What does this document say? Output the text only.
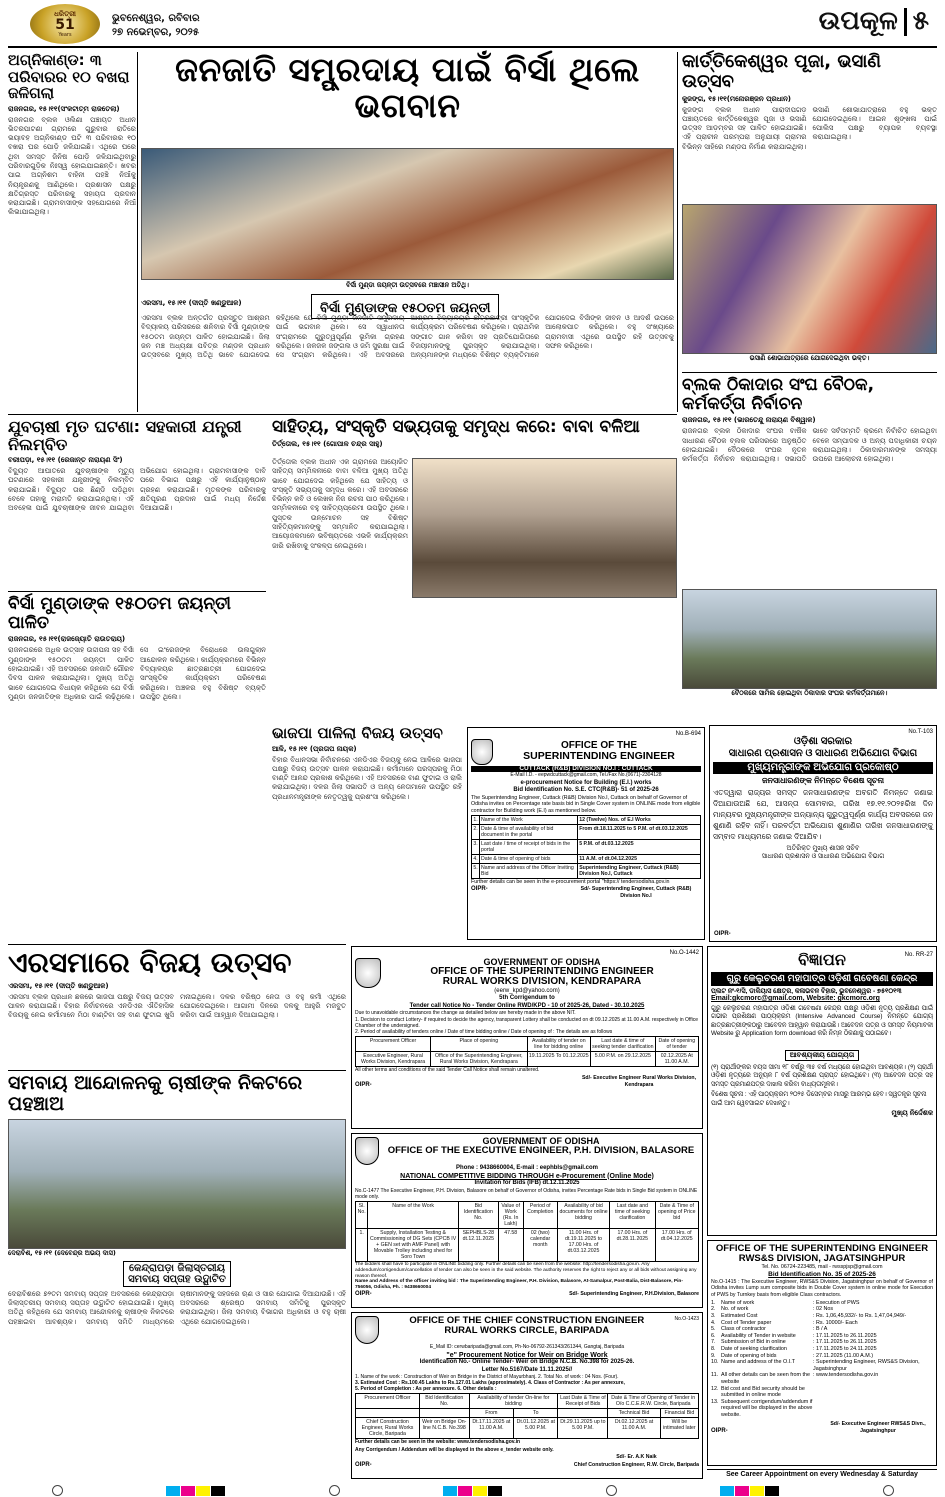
ଧରିତ୍ରୀ
51
Years
ଭୁବନେଶ୍ୱର, ରବିବାର
୨୭ ନଭେମ୍ବର, ୨୦୨୫	ଉପକୂଳ ୫
ଅଗ୍ନିକାଣ୍ଡ: ୩ ପରିବାରର ୧୦ ବଖରା ଜଳିଗଲା
ରାଜନଗର, ୧୫।୧୧(ସଂକଟାତ୍ମ ରାଜତେଲା)
ରାଜନଗର ବ୍ଲକ ଓଲିଣା ପଞ୍ଚାୟତ ଅଧୀନ ଭିତରପାଟଣା ଗ୍ରାମରେ ଗୁରୁବାର ରାତିରେ ଭୟାବହ ଅଗ୍ନିକାଣ୍ଡ ଘଟି ୩ ପରିବାରର ୧୦ ବଖରା ଘର ପୋଡ଼ି ଜଳିଯାଇଛି। ଏଥିରେ ଘରେ ଥିବା ସମସ୍ତ ଜିନିଷ ପୋଡ଼ି ଜଳିଯାଇଥିବାରୁ ପରିବାରଗୁଡ଼ିକ ନିଃସ୍ୱ ହୋଇଯାଇଛନ୍ତି। ଖବର ପାଇ ଅଗ୍ନିଶମ ବାହିନୀ ପହଞ୍ଚି ନିଆଁକୁ ନିୟନ୍ତ୍ରଣକୁ ଆଣିଥିଲେ। ପ୍ରଶାସନ ପକ୍ଷରୁ କ୍ଷତିଗ୍ରସ୍ତ ପରିବାରକୁ ସହାୟତା ପ୍ରଦାନ କରାଯାଇଛି। ଗ୍ରାମବାସୀଙ୍କ ସହଯୋଗରେ ନିଆଁ ଲିଭାଯାଇଥିଲା।
ଜନଜାତି ସମ୍ପ୍ରଦାୟ ପାଇଁ ବିର୍ସା ଥିଲେ ଭଗବାନ
ବିର୍ସା ମୁଣ୍ଡା ଜୟନ୍ତୀ ଉତ୍ସବରେ ମଞ୍ଚାସୀନ ଅତିଥି।
ବିର୍ସା ମୁଣ୍ଡାଙ୍କ ୧୫୦ତମ ଜୟନ୍ତୀ
ଏରସମା, ୧୫।୧୧ (ଦୀପ୍ତି ଖଣ୍ଡୁଆଳ)
ଏରସମା ବ୍ଲକ ଅନ୍ତର୍ଗତ ପ୍ରସ୍ତୁତ ଆଶ୍ରମ ବିଦ୍ୟାଳୟ ପରିସରରେ ଶନିବାର ବିର୍ସା ମୁଣ୍ଡାଙ୍କ ୧୫୦ତମ ଜୟନ୍ତୀ ପାଳିତ ହୋଇଯାଇଛି। ଜିଲା ଜନ ମଞ୍ଚ ଅଧ୍ୟକ୍ଷା ପବିତ୍ର ମଣ୍ଡଳ ପ୍ରଧାନ ଉତ୍ସବରେ ମୁଖ୍ୟ ଅତିଥି ଭାବେ ଯୋଗଦେଇ କହିଥିଲେ ଯେ ବିର୍ସା ମୁଣ୍ଡା ଜନଜାତି ସମ୍ପ୍ରଦାୟ ପାଇଁ ଭଗବାନ ଥିଲେ। ସେ ସ୍ୱାଧୀନତା ସଂଗ୍ରାମରେ ଗୁରୁତ୍ୱପୂର୍ଣ୍ଣ ଭୂମିକା ଗ୍ରହଣ କରିଥିଲେ। ଜଳଜଳ ଜଙ୍ଗଲ ଓ ଜମି ସୁରକ୍ଷା ପାଇଁ ସେ ସଂଗ୍ରାମ କରିଥିଲେ। ଏହି ଅବସରରେ ଆଶ୍ରମ ବିଦ୍ୟାଳୟର ଛାତ୍ରଛାତ୍ରୀ ସାଂସ୍କୃତିକ କାର୍ଯ୍ୟକ୍ରମ ପରିବେଷଣ କରିଥିଲେ। ପ୍ରାଥମିକ ସଙ୍ଗୀତ ଗାନ କରିବା ସହ ପ୍ରତିଯୋଗିତାରେ ବିଜୟୀମାନଙ୍କୁ ପୁରସ୍କୃତ କରାଯାଇଥିଲା। ଅନ୍ୟମାନଙ୍କ ମଧ୍ୟରେ ବିଶିଷ୍ଟ ବ୍ୟକ୍ତିମାନେ ଯୋଗଦେଇ ବିର୍ସାଙ୍କ ଜୀବନ ଓ ଆଦର୍ଶ ଉପରେ ଆଲୋକପାତ କରିଥିଲେ। ବହୁ ସଂଖ୍ୟାରେ ଗ୍ରାମବାସୀ ଏଥିରେ ଉପସ୍ଥିତ ରହି ଉତ୍ସବକୁ ସଫଳ କରିଥିଲେ।
କାର୍ତ୍ତିକେଶ୍ୱର ପୂଜା, ଭସାଣି ଉତ୍ସବ
କୁଜଙ୍ଗ, ୧୫।୧୧(ମନୋରଞ୍ଜନ ପ୍ରଧାନ)
କୁଜଙ୍ଗ ବ୍ଲକ ଅଧୀନ ପାରାଦୀପଗଡ଼ ପଞ୍ଚାୟତରେ କାର୍ତ୍ତିକେଶ୍ୱର ପୂଜା ଓ ଭସାଣି ଉତ୍ସବ ଆଡ଼ମ୍ବର ସହ ପାଳିତ ହୋଇଯାଇଛି। ଏହି ପ୍ରାଚୀନ ପରମ୍ପରା ଅନୁଯାୟୀ ଗ୍ରାମର ବିଭିନ୍ନ ସାହିରେ ମଣ୍ଡପ ନିର୍ମାଣ କରାଯାଇଥିଲା। ଭସାଣି ଶୋଭାଯାତ୍ରାରେ ବହୁ ଭକ୍ତ ଯୋଗଦେଇଥିଲେ। ଆଇନ ଶୃଙ୍ଖଳା ପାଇଁ ପୋଲିସ ପକ୍ଷରୁ ବ୍ୟାପକ ବ୍ୟବସ୍ଥା କରାଯାଇଥିଲା।
ଭସାଣି ଶୋଭାଯାତ୍ରାରେ ଯୋଗଦେଇଥିବା ଭକ୍ତ।
ବ୍ଲକ ଠିକାଦାର ସଂଘ ବୈଠକ, କର୍ମକର୍ତ୍ତା ନିର୍ବାଚନ
ରାଜନଗର, ୧୫।୧୧ (ଭାରତେନ୍ଦୁ ନାରାୟଣ ବିଶ୍ୱାଳ)
ରାଜନଗର ବ୍ଲକ ଠିକାଦାର ସଂଘର ବାର୍ଷିକ ସାଧାରଣ ବୈଠକ ବ୍ଲକ ପରିସରରେ ଅନୁଷ୍ଠିତ ହୋଇଯାଇଛି। ବୈଠକରେ ସଂଘର ନୂତନ କର୍ମକର୍ତ୍ତା ନିର୍ବାଚନ କରାଯାଇଥିଲା। ସଭାପତି ଭାବେ ସର୍ବସମ୍ମତି କ୍ରମେ ନିର୍ବାଚିତ ହୋଇଥିବା ବେଳେ ସମ୍ପାଦକ ଓ ଅନ୍ୟ ପଦାଧିକାରୀ ଚୟନ କରାଯାଇଥିଲା। ଠିକାଦାରମାନଙ୍କ ସମସ୍ୟା ଉପରେ ଆଲୋଚନା ହୋଇଥିଲା।
ବୈଠକରେ ସାମିଲ ହୋଇଥିବା ଠିକାଦାର ସଂଘର କର୍ମକର୍ତ୍ତାମାନେ।
ଯୁବଚାଷୀ ମୃତ ଘଟଣା: ସହକାରୀ ଯନ୍ତ୍ରୀ ନିଲମ୍ବିତ
ବରୀପଡ଼ା, ୧୫।୧୧ (ରେଜାନ୍ତ ନାରାୟଣ ସିଂ)
ବିଦ୍ୟୁତ ଆଘାତରେ ଯୁବଚାଷୀଙ୍କ ମୃତ୍ୟୁ ଘଟଣାରେ ସହକାରୀ ଯନ୍ତ୍ରୀଙ୍କୁ ନିଲମ୍ବିତ କରାଯାଇଛି। ବିଦ୍ୟୁତ ତାର ଛିଣ୍ଡି ପଡ଼ିଥିବା ବେଳେ ତାହାକୁ ମରାମତି କରାଯାଇନଥିଲା। ଏହି ଅବହେଳା ପାଇଁ ଯୁବଚାଷୀଙ୍କ ଜୀବନ ଯାଇଥିବା ଅଭିଯୋଗ ହୋଇଥିଲା। ଗ୍ରାମବାସୀଙ୍କ ଦାବି ପରେ ବିଭାଗ ପକ୍ଷରୁ ଏହି କାର୍ଯ୍ୟାନୁଷ୍ଠାନ ଗ୍ରହଣ କରାଯାଇଛି। ମୃତକଙ୍କ ପରିବାରକୁ କ୍ଷତିପୂରଣ ପ୍ରଦାନ ପାଇଁ ମଧ୍ୟ ନିର୍ଦ୍ଦେଶ ଦିଆଯାଇଛି।
ସାହିତ୍ୟ, ସଂସ୍କୃତି ସଭ୍ୟତାକୁ ସମୃଦ୍ଧ କରେ: ବାବା ବଳିଆ
ତିର୍ତ୍ତୋଲ, ୧୫।୧୧ (ଗୋପାଳ ଚନ୍ଦ୍ର ସାହୁ)
ତିର୍ତ୍ତୋଲ ବ୍ଲକ ଅଧୀନ ଏକ ଗ୍ରାମରେ ଆୟୋଜିତ ସାହିତ୍ୟ ସମ୍ମିଳନୀରେ ବାବା ବଳିଆ ମୁଖ୍ୟ ଅତିଥି ଭାବେ ଯୋଗଦେଇ କହିଥିଲେ ଯେ ସାହିତ୍ୟ ଓ ସଂସ୍କୃତି ସଭ୍ୟତାକୁ ସମୃଦ୍ଧ କରେ। ଏହି ଅବସରରେ ବିଭିନ୍ନ କବି ଓ ଲେଖକ ନିଜ ରଚନା ପାଠ କରିଥିଲେ। ସମ୍ମିଳନୀରେ ବହୁ ସାହିତ୍ୟପ୍ରେମୀ ଉପସ୍ଥିତ ଥିଲେ। ପୁସ୍ତକ ଉନ୍ମୋଚନ ସହ ବିଶିଷ୍ଟ ସାହିତ୍ୟିକମାନଙ୍କୁ ସମ୍ମାନିତ କରାଯାଇଥିଲା। ଆୟୋଜକମାନେ ଭବିଷ୍ୟତରେ ଏଭଳି କାର୍ଯ୍ୟକ୍ରମ ଜାରି ରଖିବାକୁ ସଂକଳ୍ପ ନେଇଥିଲେ।
ବିର୍ସା ମୁଣ୍ଡାଙ୍କ ୧୫୦ତମ ଜୟନ୍ତୀ ପାଳିତ
ରାଜନଗର, ୧୫।୧୧(ରାଜଜ୍ୟୋତି ରାଉତରାୟ)
ରାଜନଗରରେ ଅଧିକ ଉତ୍ସାହ ଉଦ୍ଦୀପନା ସହ ବିର୍ସା ମୁଣ୍ଡାଙ୍କ ୧୫୦ତମ ଜୟନ୍ତୀ ପାଳିତ ହୋଇଯାଇଛି। ଏହି ଅବସରରେ ଜନଜାତି ଗୌରବ ଦିବସ ପାଳନ କରାଯାଇଥିଲା। ମୁଖ୍ୟ ଅତିଥି ଭାବେ ଯୋଗଦେଇ ବିଧାୟକ କହିଥିଲେ ଯେ ବିର୍ସା ମୁଣ୍ଡା ଜନଜାତିଙ୍କ ଅଧିକାର ପାଇଁ ଲଢ଼ିଥିଲେ। ସେ ଇଂରେଜଙ୍କ ବିରୋଧରେ ଉଲଗୁଲାନ ଆନ୍ଦୋଳନ କରିଥିଲେ। କାର୍ଯ୍ୟକ୍ରମରେ ବିଭିନ୍ନ ବିଦ୍ୟାଳୟର ଛାତ୍ରଛାତ୍ରୀ ଯୋଗଦେଇ ସାଂସ୍କୃତିକ କାର୍ଯ୍ୟକ୍ରମ ପରିବେଷଣ କରିଥିଲେ। ଅଞ୍ଚଳର ବହୁ ବିଶିଷ୍ଟ ବ୍ୟକ୍ତି ଉପସ୍ଥିତ ଥିଲେ।
ଭାଜପା ପାଳିଲା ବିଜୟ ଉତ୍ସବ
ଆଳି, ୧୫।୧୧ (ପ୍ରତାପ ନାୟକ)
ବିହାର ବିଧାନସଭା ନିର୍ବାଚନରେ ଏନଡିଏର ବିଜୟକୁ ନେଇ ଆଳିରେ ଭାଜପା ପକ୍ଷରୁ ବିଜୟ ଉତ୍ସବ ପାଳନ କରାଯାଇଛି। କର୍ମୀମାନେ ପରସ୍ପରକୁ ମିଠା ବାଣ୍ଟି ଆନନ୍ଦ ପ୍ରକାଶ କରିଥିଲେ। ଏହି ଅବସରରେ ବାଣ ଫୁଟାଇ ଓ ରାଲି କରାଯାଇଥିଲା। ଦଳର ଜିଲା ସଭାପତି ଓ ଅନ୍ୟ ନେତାମାନେ ଉପସ୍ଥିତ ରହି ପ୍ରଧାନମନ୍ତ୍ରୀଙ୍କ ନେତୃତ୍ୱକୁ ପ୍ରଶଂସା କରିଥିଲେ।
No.B-694
OFFICE OF THE
SUPERINTENDING ENGINEER
CUTTACK (R&B) DIVISION NO.I : CUTTACK
E-Mail I.D. - eepwdcuttack@gmail.com, Tel./Fax No.(0671)-2304128
e-procurement Notice for Building (E.I.) works
Bid Identification No. S.E. CTC(R&B)- 51 of 2025-26
The Superintending Engineer, Cuttack (R&B) Division No.I, Cuttack on behalf of Governor of Odisha invites on Percentage rate basis bid in Single Cover system in ONLINE mode from eligible contractor for Building work (E.I) as mentioned below.
1.	Name of the Work	12 (Twelve) Nos. of E.I Works
2.	Date & time of availability of bid document in the portal	From dt.18.11.2025 to 5 P.M. of dt.03.12.2025
3.	Last date / time of receipt of bids in the portal	5 P.M. of dt.03.12.2025
4.	Date & time of opening of bids	11 A.M. of dt.04.12.2025
5.	Name and address of the Officer Inviting Bid	Superintending Engineer, Cuttack (R&B) Division No.I, Cuttack
Further details can be seen in the e-procurement portal "https:// tendersodisha.gov.in
OIPR-	Sd/- Superintending Engineer, Cuttack (R&B) Division No.I
No.T-103
ଓଡ଼ିଶା ସରକାର
ସାଧାରଣ ପ୍ରଶାସନ ଓ ସାଧାରଣ ଅଭିଯୋଗ ବିଭାଗ
ମୁଖ୍ୟମନ୍ତ୍ରୀଙ୍କ ଅଭିଯୋଗ ପ୍ରକୋଷ୍ଠ
ଜନସାଧାରଣଙ୍କ ନିମନ୍ତେ ବିଶେଷ ସୂଚନା
ଏତଦ୍ୱାରା ରାଜ୍ୟର ସମସ୍ତ ଜନସାଧାରଣଙ୍କ ଅବଗତି ନିମନ୍ତେ ଜଣାଇ ଦିଆଯାଉଅଛି ଯେ, ଆସନ୍ତା ସୋମବାର, ତାରିଖ ୧୭.୧୧.୨୦୨୫ରିଖ ଦିନ ମାନ୍ୟବର ମୁଖ୍ୟମନ୍ତ୍ରୀଙ୍କ ଅନ୍ୟାନ୍ୟ ଗୁରୁତ୍ୱପୂର୍ଣ୍ଣ କାର୍ଯ୍ୟ ଅବସରରେ ଜନ ଶୁଣାଣି ରହିବ ନାହିଁ। ପରବର୍ତ୍ତୀ ଅଭିଯୋଗ ଶୁଣାଣିର ତାରିଖ ଜନସାଧାରଣଙ୍କୁ ସମ୍ବାଦ ମାଧ୍ୟମରେ ଜଣାଇ ଦିଆଯିବ।
ଅତିରିକ୍ତ ମୁଖ୍ୟ ଶାସନ ସଚିବ
ସାଧାରଣ ପ୍ରଶାସନ ଓ ସାଧାରଣ ଅଭିଯୋଗ ବିଭାଗ
OIPR-
ଏରସମାରେ ବିଜୟ ଉତ୍ସବ
ଏରସମା, ୧୫।୧୧ (ଦୀପ୍ତି ଖଣ୍ଡୁଆଳ)
ଏରସମା ବ୍ଲକ ପ୍ରଧାନ ଛକରେ ଭାଜପା ପକ୍ଷରୁ ବିଜୟ ଉତ୍ସବ ପାଳନ କରାଯାଇଛି। ବିହାର ନିର୍ବାଚନରେ ଏନଡିଏର ଐତିହାସିକ ବିଜୟକୁ ନେଇ କର୍ମୀମାନେ ମିଠା ବାଣ୍ଟିବା ସହ ବାଣ ଫୁଟାଇ ଖୁସି ମନାଇଥିଲେ। ଦଳର ବରିଷ୍ଠ ନେତା ଓ ବହୁ କର୍ମୀ ଏଥିରେ ଯୋଗଦେଇଥିଲେ। ଆଗାମୀ ଦିନରେ ଦଳକୁ ଆହୁରି ମଜବୁତ କରିବା ପାଇଁ ଆହ୍ୱାନ ଦିଆଯାଇଥିଲା।
ସମବାୟ ଆନ୍ଦୋଳନକୁ ଚାଷୀଙ୍କ ନିକଟରେ ପହଞ୍ଚାଅ
ଦେରାବିଶ, ୧୫।୧୧ (ଦେବେନ୍ଦ୍ର ଅଭୟ ଦାସ)
କେନ୍ଦ୍ରାପଡ଼ା ଜିଲାସ୍ତରୀୟ
ସମବାୟ ସପ୍ତାହ ଉଦ୍ଘାଟିତ
ଦେରାବିଶରେ ୭୨ତମ ସମବାୟ ସପ୍ତାହ ଅବସରରେ କେନ୍ଦ୍ରାପଡ଼ା ଜିଲାସ୍ତରୀୟ ସମବାୟ ସପ୍ତାହ ଉଦ୍ଘାଟିତ ହୋଇଯାଇଛି। ମୁଖ୍ୟ ଅତିଥି କହିଥିଲେ ଯେ ସମବାୟ ଆନ୍ଦୋଳନକୁ ଚାଷୀଙ୍କ ନିକଟରେ ପହଞ୍ଚାଇବା ଆବଶ୍ୟକ। ସମବାୟ ସମିତି ମାଧ୍ୟମରେ ଚାଷୀମାନଙ୍କୁ ସହଜରେ ଋଣ ଓ ସାର ଯୋଗାଇ ଦିଆଯାଉଛି। ଏହି ଅବସରରେ ଶ୍ରେଷ୍ଠ ସମବାୟ ସମିତିକୁ ପୁରସ୍କୃତ କରାଯାଇଥିଲା। ଜିଲା ସମବାୟ ବିଭାଗର ଅଧିକାରୀ ଓ ବହୁ ଚାଷୀ ଏଥିରେ ଯୋଗଦେଇଥିଲେ।
No.O-1442
GOVERNMENT OF ODISHA
OFFICE OF THE SUPERINTENDING ENGINEER
RURAL WORKS DIVISION, KENDRAPARA
(eerw_kpd@yahoo.com)
5th Corrigendum to
Tender call Notice No - Tender Online RWD/KPD - 10 of 2025-26, Dated - 30.10.2025
Due to unavoidable circumstances the change as detailed below are hereby made in the above NIT.
1. Decision to conduct Lottery- if required to decide the agency, transparent Lottery shall be conducted on dt 09.12.2025 at 11.00 A.M. respectively in Office Chamber of the undersigned.
2. Period of availability of tenders online / Date of time bidding online / Date of opening of : The details are as follows
Procurement Officer	Place of opening	Availability of tender on line for bidding online	Last date & time of seeking tender clarification	Date of opening of tender
Executive Engineer, Rural Works Division, Kendrapara	Office of the Superintending Engineer, Rural Works Division, Kendrapara	19.11.2025 To 01.12.2025	5.00 P.M. on 29.12.2025	02.12.2025 At 11.00 A.M.
All other terms and conditions of the said Tender Call Notice shall remain unaltered.
OIPR-
Sd/- Executive Engineer Rural Works Division, Kendrapara
GOVERNMENT OF ODISHA
OFFICE OF THE EXECUTIVE ENGINEER, P.H. DIVISION, BALASORE
Phone : 9438660004, E-mail : eephbls@gmail.com
NATIONAL COMPETITIVE BIDDING THROUGH e-Procurement (Online Mode)
Invitation for Bids (IFB) dt.12.11.2025
No.C-1477 The Executive Engineer, P.H. Division, Balasore on behalf of Governor of Odisha, invites Percentage Rate bids in Single Bid system in ONLINE mode only.
Sl. No.	Name of the Work	Bid Identification No.	Value of Work (Rs. In Lakh)	Period of Completion	Availability of bid documents for online bidding	Last date and time of seeking clarification	Date & Time of opening of Price bid
1.	Supply, Installation Testing & Commissioning of DG Sets (CPCB IV + GEN set with AMF Panel) with Movable Trolley including shed for Soro Town	SEPHBLS-28 dt.12.11.2025	47.58	02 (two) calendar month	11.00 Hrs. of dt.19.11.2025 to 17.00 Hrs. of dt.03.12.2025	17.00 Hrs. of dt.28.11.2025	17.00 Hrs. of dt.04.12.2025
The bidders shall have to participate in ONLINE bidding only. Further details can be seen from the website: http://tendersodisha.gov.in. Any addendum/corrigendum/cancellation of tender can also be seen in the said website. The authority reserves the right to reject any or all bids without assigning any reason thereof.
Name and Address of the officer inviting bid : The Superintending Engineer, P.H. Division, Balasore, At-Samalpur, Post-Balia, Dist-Balasore, Pin-756056, Odisha, Ph. : 9438660004
OIPR-	Sd/- Superintending Engineer, P.H.Division, Balasore
OFFICE OF THE CHIEF CONSTRUCTION ENGINEER
RURAL WORKS CIRCLE, BARIPADA
No.O-1423
E_Mail ID: cerwbaripada@gmail.com, Ph-No-06792-261343/261344, Gangtaj, Baripada
"e" Procurement Notice for Weir on Bridge Work
Identification No.- Online Tender- Weir on Bridge N.C.B. No.398 for 2025-26.
Letter No.5167/Date 11.11.2025//
1. Name of the work : Construction of Weir on Bridge in the District of Mayurbhanj. 2. Total No. of work : 04 Nos. (Four).
3. Estimated Cost : Rs.100.45 Lakhs to Rs.127.01 Lakhs (approximately). 4. Class of Contractor : As per annexure,
5. Period of Completion : As per annexure. 6. Other details :
Procurement Officer	Bid Identification No.	Availability of tender On-line for bidding		Last Date & Time of Receipt of Bids	Date & Time of Opening of Tender in O/o C.C.E.R.W. Circle, Baripada	
		From	To		Technical Bid	Financial Bid
Chief Construction Engineer, Rural Works Circle, Baripada	Weir on Bridge On-line N.C.B. No.398	Dt.17.11.2025 at 11.00 A.M.	Dt.01.12.2025 at 5.00 P.M.	Dt.29.11.2025 up to 5.00 P.M.	Dt.02.12.2025 at 11.00 A.M.	Will be intimated later
Further details can be seen in the website: www.tendersodisha.gov.in
Any Corrigendum / Addendum will be displayed in the above e_tender website only.
OIPR-
Sd/- Er. A.K Naik
Chief Construction Engineer, R.W. Circle, Baripada
ବିଜ୍ଞାପନ	No. RR-27
ଗୁରୁ କେଲୁଚରଣ ମହାପାତ୍ର ଓଡ଼ିଶୀ ଗବେଷଣା କେନ୍ଦ୍ର
ପ୍ଲଟ ନଂ-୧/ସି, ଡାକିୟାସ କ୍ଷେତ୍ର, କଳାଭବନ ବିହାର, ଭୁବନେଶ୍ୱର - ୭୫୧୦୧୩
Email:gkcmorc@gmail.com, Website: gkcmorc.org
ଗୁରୁ କେଲୁଚରଣ ମହାପାତ୍ର ଓଡ଼ିଶୀ ଗବେଷଣା କେନ୍ଦ୍ର ପକ୍ଷରୁ ଓଡ଼ିଶୀ ନୃତ୍ୟ ପ୍ରଶିକ୍ଷଣ ପାଇଁ ଗଭୀର ପ୍ରଶିକ୍ଷଣ ପାଠ୍ୟକ୍ରମ (Intensive Advanced Course) ନିମନ୍ତେ ଯୋଗ୍ୟ ଛାତ୍ରଛାତ୍ରୀଙ୍କଠାରୁ ଆବେଦନ ଆହ୍ୱାନ କରାଯାଉଛି। ଆବେଦନ ପତ୍ର ଓ ସମସ୍ତ ନିୟମାବଳୀ Website ରୁ Application form download କରି ନିମ୍ନ ଠିକଣାକୁ ପଠାଇବେ।
ଆବଶ୍ୟକୀୟ ଯୋଗ୍ୟତା
(୧) ପ୍ରାର୍ଥୀଙ୍କର ବୟସ ସୀମା ୧୮ ବର୍ଷରୁ ୩୫ ବର୍ଷ ମଧ୍ୟରେ ହୋଇଥିବା ଆବଶ୍ୟକ। (୨) ପ୍ରାର୍ଥୀ ଓଡ଼ିଶୀ ନୃତ୍ୟରେ ଅନ୍ୟୁନ ୮ ବର୍ଷ ପ୍ରଶିକ୍ଷଣ ପ୍ରାପ୍ତ ହୋଇଥିବେ। (୩) ଆବେଦନ ପତ୍ର ସହ ସମସ୍ତ ପ୍ରମାଣପତ୍ର ଦାଖଲ କରିବା ବାଧ୍ୟତାମୂଳକ।
ବିଶେଷ ସୂଚନା : ଏହି ପାଠ୍ୟକ୍ରମ ୨୦୨୫ ଡିସେମ୍ବର ମାସରୁ ଆରମ୍ଭ ହେବ। ସ୍ୱତନ୍ତ୍ର ସୂଚନା ପାଇଁ ଆମ ୱେବସାଇଟ ଦେଖନ୍ତୁ।
ମୁଖ୍ୟ ନିର୍ଦ୍ଦେଶକ
OFFICE OF THE SUPERINTENDING ENGINEER
RWS&S DIVISION, JAGATSINGHPUR
Tel. No. 06724-223485, mail - rwsspjsp@gmail.com
Bid Identification No. 35 of 2025-26
No.O-1415 : The Executive Engineer, RWS&S Division, Jagatsinghpur on behalf of Governor of Odisha invites Lump sum composite bids in Double Cover system in online mode for Execution of PWS by Turnkey basis from eligible Class contractors.
1.	Name of work	: Execution of PWS
2.	No. of work	: 02 Nos
3.	Estimated Cost	: Rs. 1,06,45,932/- to Rs. 1,47,04,949/-
4.	Cost of Tender paper	: Rs. 10000/- Each
5.	Class of contractor	: B / A
6.	Availability of Tender in website	: 17.11.2025 to 26.11.2025
7.	Submission of Bid in online	: 17.11.2025 to 26.11.2025
8.	Date of seeking clarification	: 17.11.2025 to 24.11.2025
9.	Date of opening of bids	: 27.11.2025 (11.00 A.M.)
10. Name and address of the O.I.T	: Superintending Engineer, RWS&S Division, Jagatsinghpur
11. All other details can be seen from the website
: www.tendersodisha.gov.in
12. Bid cost and Bid security should be submitted in online mode
13. Subsequent corrigendum/addendum if required will be displayed in the above website.
OIPR-
Sd/- Executive Engineer RWS&S Divn., Jagatsinghpur
See Career Appointment on every Wednesday & Saturday
